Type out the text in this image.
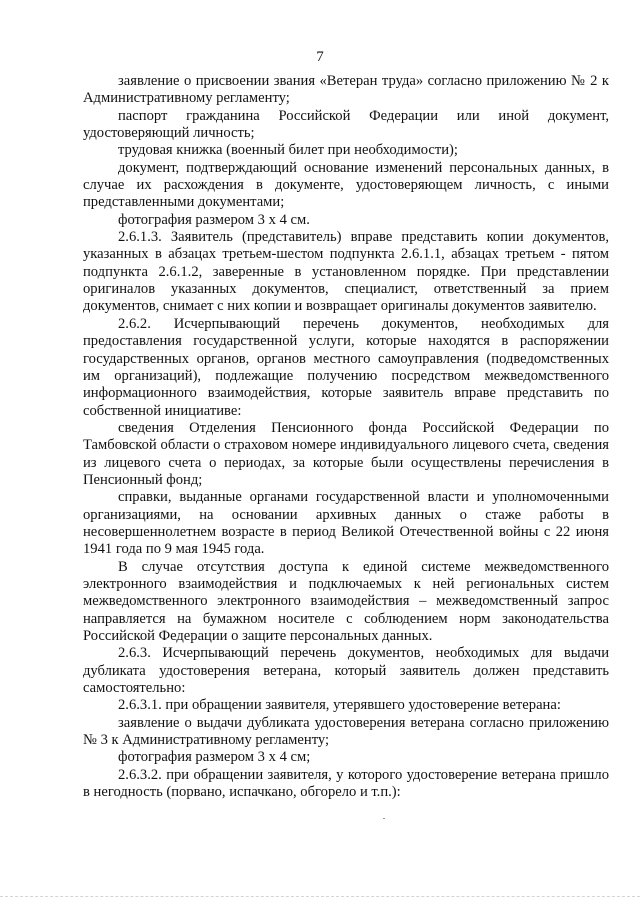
7

заявление о присвоении звания «Ветеран труда» согласно приложению № 2 к Административному регламенту;

паспорт гражданина Российской Федерации или иной документ, удостоверяющий личность;

трудовая книжка (военный билет при необходимости);

документ, подтверждающий основание изменений персональных данных, в случае их расхождения в документе, удостоверяющем личность, с иными представленными документами;

фотография размером 3 х 4 см.

2.6.1.3. Заявитель (представитель) вправе представить копии документов, указанных в абзацах третьем-шестом подпункта 2.6.1.1, абзацах третьем - пятом подпункта 2.6.1.2, заверенные в установленном порядке. При представлении оригиналов указанных документов, специалист, ответственный за прием документов, снимает с них копии и возвращает оригиналы документов заявителю.

2.6.2. Исчерпывающий перечень документов, необходимых для предоставления государственной услуги, которые находятся в распоряжении государственных органов, органов местного самоуправления (подведомственных им организаций), подлежащие получению посредством межведомственного информационного взаимодействия, которые заявитель вправе представить по собственной инициативе:

сведения Отделения Пенсионного фонда Российской Федерации по Тамбовской области о страховом номере индивидуального лицевого счета, сведения из лицевого счета о периодах, за которые были осуществлены перечисления в Пенсионный фонд;

справки, выданные органами государственной власти и уполномоченными организациями, на основании архивных данных о стаже работы в несовершеннолетнем возрасте в период Великой Отечественной войны с 22 июня 1941 года по 9 мая 1945 года.

В случае отсутствия доступа к единой системе межведомственного электронного взаимодействия и подключаемых к ней региональных систем межведомственного электронного взаимодействия – межведомственный запрос направляется на бумажном носителе с соблюдением норм законодательства Российской Федерации о защите персональных данных.

2.6.3. Исчерпывающий перечень документов, необходимых для выдачи дубликата удостоверения ветерана, который заявитель должен представить самостоятельно:

2.6.3.1. при обращении заявителя, утерявшего удостоверение ветерана:

заявление о выдачи дубликата удостоверения ветерана согласно приложению № 3 к Административному регламенту;

фотография размером 3 х 4 см;

2.6.3.2. при обращении заявителя, у которого удостоверение ветерана пришло в негодность (порвано, испачкано, обгорело и т.п.):
